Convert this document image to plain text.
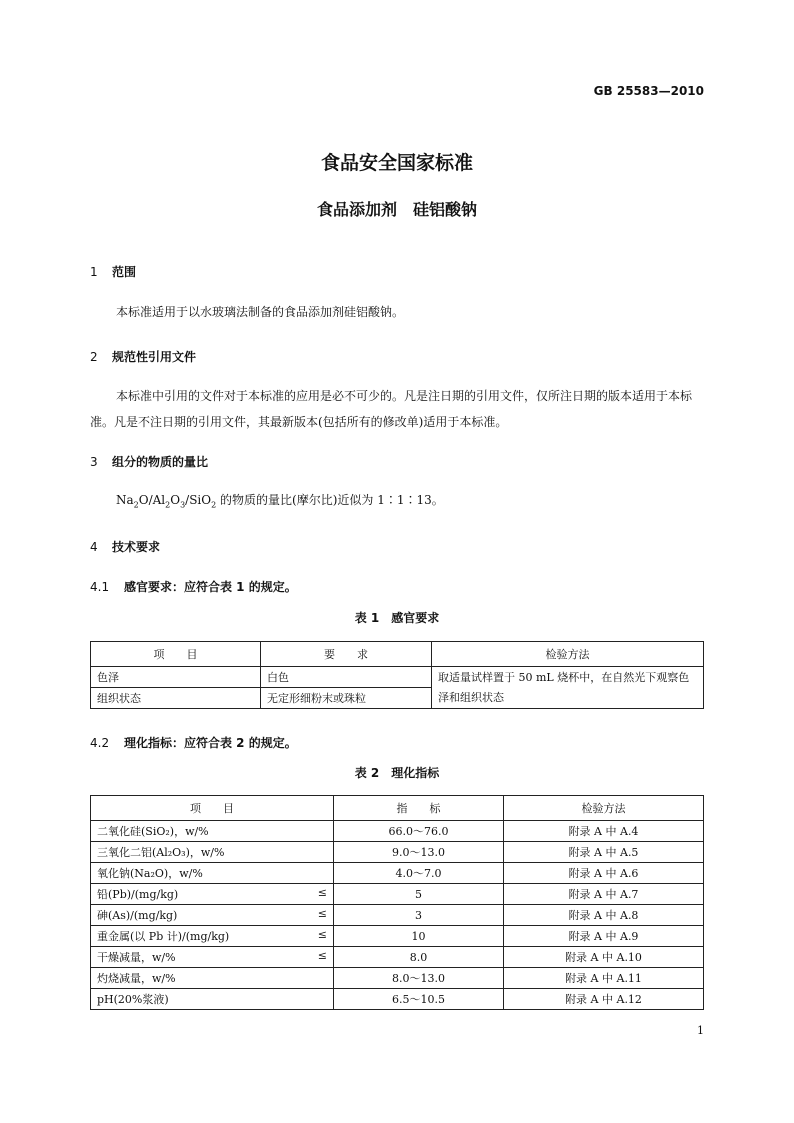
GB 25583—2010
食品安全国家标准
食品添加剂　硅铝酸钠
1 范围
本标准适用于以水玻璃法制备的食品添加剂硅铝酸钠。
2 规范性引用文件
本标准中引用的文件对于本标准的应用是必不可少的。凡是注日期的引用文件，仅所注日期的版本适用于本标准。凡是不注日期的引用文件，其最新版本(包括所有的修改单)适用于本标准。
3 组分的物质的量比
$Na_2O/Al_2O_3/SiO_2$ 的物质的量比(摩尔比)近似为 1∶1∶13。
4 技术要求
4.1 感官要求：应符合表 1 的规定。
表 1　感官要求
项　　目	要　　求	检验方法
色泽	白色	取适量试样置于 50 mL 烧杯中，在自然光下观察色泽和组织状态
组织状态	无定形细粉末或珠粒	
4.2 理化指标：应符合表 2 的规定。
表 2　理化指标
项　　目	指　　标	检验方法

二氧化硅(SiO₂)，w/%	66.0～76.0	附录 A 中 A.4

三氧化二铝(Al₂O₃)，w/%	9.0～13.0	附录 A 中 A.5

氧化钠(Na₂O)，w/%	4.0～7.0	附录 A 中 A.6

铅(Pb)/(mg/kg) ≤	5	附录 A 中 A.7

砷(As)/(mg/kg) ≤	3	附录 A 中 A.8

重金属(以 Pb 计)/(mg/kg) ≤	10	附录 A 中 A.9

干燥减量，w/% ≤	8.0	附录 A 中 A.10

灼烧减量，w/%	8.0～13.0	附录 A 中 A.11

pH(20%浆液)	6.5～10.5	附录 A 中 A.12
1
